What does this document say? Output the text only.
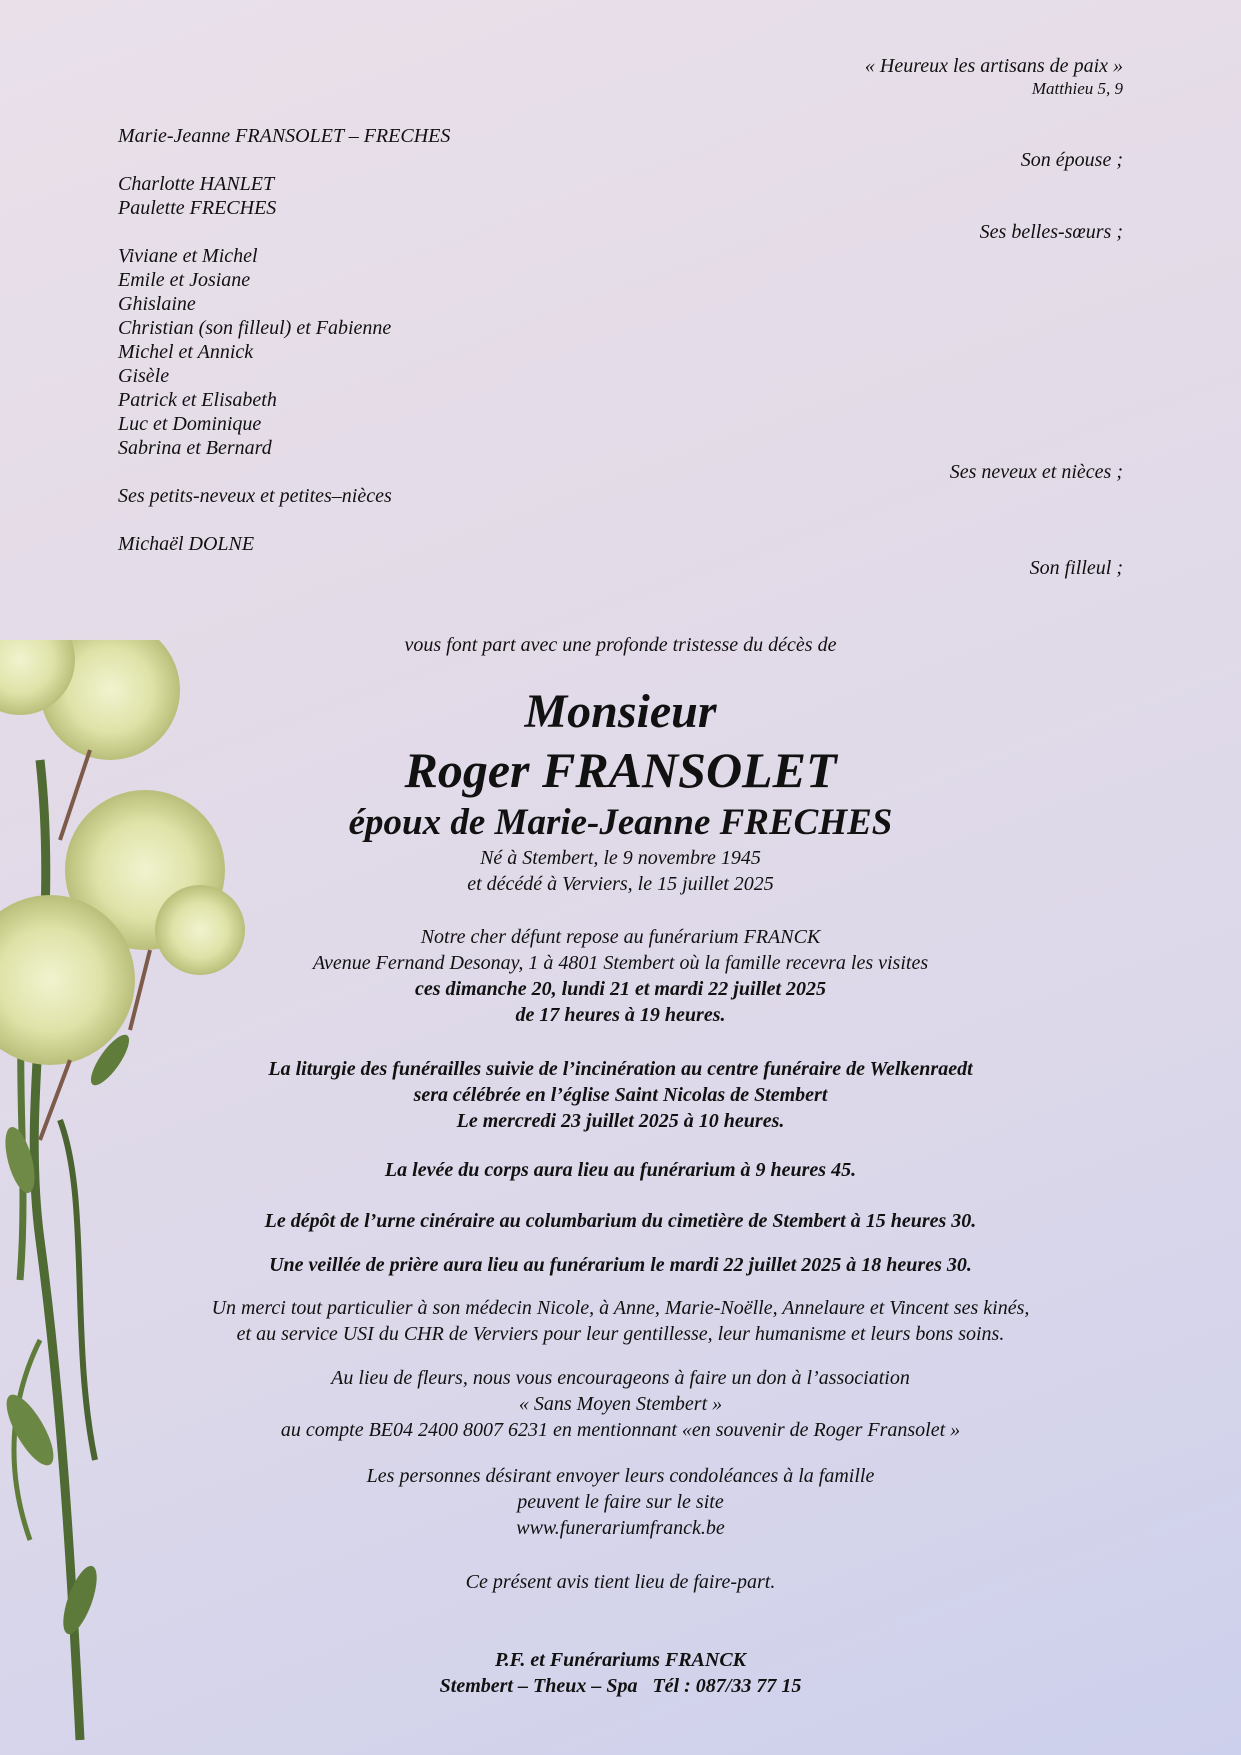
« Heureux les artisans de paix »

Matthieu 5, 9

Marie-Jeanne FRANSOLET – FRECHES

Son épouse ;

Charlotte HANLET

Paulette FRECHES

Ses belles-sœurs ;

Viviane et Michel

Emile et Josiane

Ghislaine

Christian (son filleul) et Fabienne

Michel et Annick

Gisèle

Patrick et Elisabeth

Luc et Dominique

Sabrina et Bernard

Ses neveux et nièces ;

Ses petits-neveux et petites–nièces

Michaël DOLNE

Son filleul ;

vous font part avec une profonde tristesse du décès de

Monsieur

Roger FRANSOLET

époux de Marie-Jeanne FRECHES

Né à Stembert, le 9 novembre 1945

et décédé à Verviers, le 15 juillet 2025

Notre cher défunt repose au funérarium FRANCK

Avenue Fernand Desonay, 1 à 4801 Stembert où la famille recevra les visites

ces dimanche 20, lundi 21 et mardi 22 juillet 2025

de 17 heures à 19 heures.

La liturgie des funérailles suivie de l’incinération au centre funéraire de Welkenraedt

sera célébrée en l’église Saint Nicolas de Stembert

Le mercredi 23 juillet 2025 à 10 heures.

La levée du corps aura lieu au funérarium à 9 heures 45.

Le dépôt de l’urne cinéraire au columbarium du cimetière de Stembert à 15 heures 30.

Une veillée de prière aura lieu au funérarium le mardi 22 juillet 2025 à 18 heures 30.

Un merci tout particulier à son médecin Nicole, à Anne, Marie-Noëlle, Annelaure et Vincent ses kinés,

et au service USI du CHR de Verviers pour leur gentillesse, leur humanisme et leurs bons soins.

Au lieu de fleurs, nous vous encourageons à faire un don à l’association

« Sans Moyen Stembert »

au compte BE04 2400 8007 6231 en mentionnant «en souvenir de Roger Fransolet »

Les personnes désirant envoyer leurs condoléances à la famille

peuvent le faire sur le site

www.funerariumfranck.be

Ce présent avis tient lieu de faire-part.

P.F. et Funérariums FRANCK

Stembert – Theux – Spa Tél : 087/33 77 15
